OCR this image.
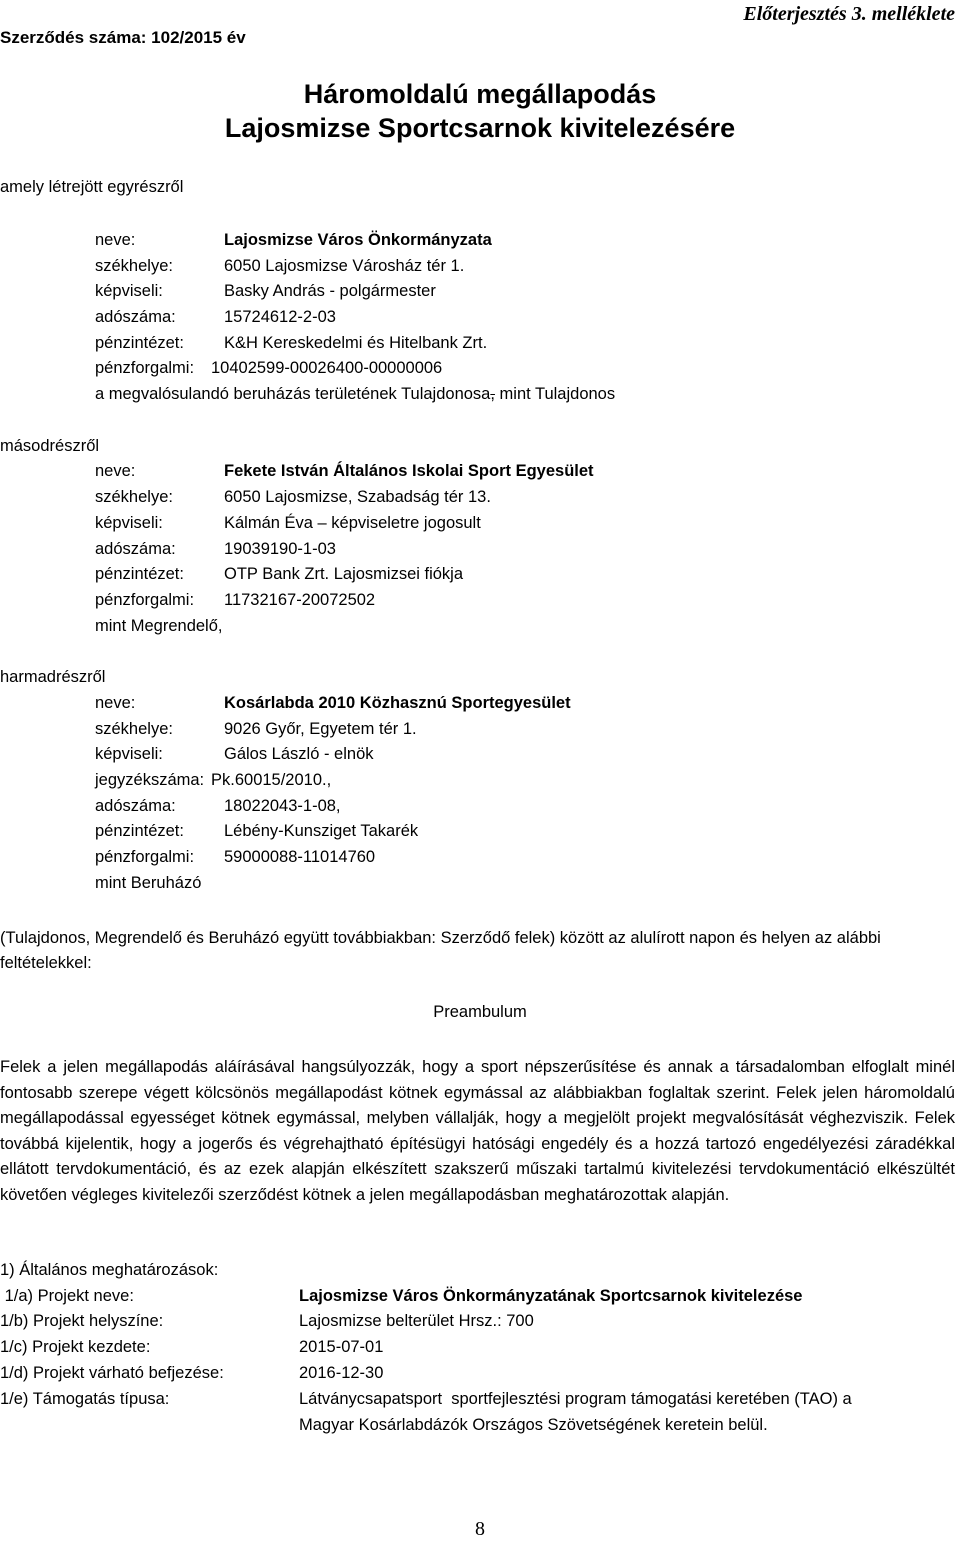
Szerződés száma: 102/2015 év
Előterjesztés 3. melléklete
Háromoldalú megállapodás
Lajosmizse Sportcsarnok kivitelezésére
amely létrejött egyrészről
neve:	Lajosmizse Város Önkormányzata
székhelye:	6050 Lajosmizse Városház tér 1.
képviseli:	Basky András - polgármester
adószáma:	15724612-2-03
pénzintézet: K&H Kereskedelmi és Hitelbank Zrt.
pénzforgalmi: 10402599-00026400-00000006
a megvalósulandó beruházás területének Tulajdonosa, mint Tulajdonos
másodrészről
neve:	Fekete István Általános Iskolai Sport Egyesület
székhelye:	6050 Lajosmizse, Szabadság tér 13.
képviseli:	Kálmán Éva – képviseletre jogosult
adószáma:	19039190-1-03
pénzintézet: OTP Bank Zrt. Lajosmizsei fiókja
pénzforgalmi: 11732167-20072502
mint Megrendelő,
harmadrészről
neve:	Kosárlabda 2010 Közhasznú Sportegyesület
székhelye:	9026 Győr, Egyetem tér 1.
képviseli:	Gálos László - elnök
jegyzékszáma: Pk.60015/2010.,
adószáma:	18022043-1-08,
pénzintézet: Lébény-Kunsziget Takarék
pénzforgalmi: 59000088-11014760
mint Beruházó
(Tulajdonos, Megrendelő és Beruházó együtt továbbiakban: Szerződő felek) között az alulírott napon és helyen az alábbi feltételekkel:
Preambulum
Felek a jelen megállapodás aláírásával hangsúlyozzák, hogy a sport népszerűsítése és annak a társadalomban elfoglalt minél fontosabb szerepe végett kölcsönös megállapodást kötnek egymással az alábbiakban foglaltak szerint. Felek jelen háromoldalú megállapodással egyességet kötnek egymással, melyben vállalják, hogy a megjelölt projekt megvalósítását véghezviszik. Felek továbbá kijelentik, hogy a jogerős és végrehajtható építésügyi hatósági engedély és a hozzá tartozó engedélyezési záradékkal ellátott tervdokumentáció, és az ezek alapján elkészített szakszerű műszaki tartalmú kivitelezési tervdokumentáció elkészültét követően végleges kivitelezői szerződést kötnek a jelen megállapodásban meghatározottak alapján.
1) Általános meghatározások:
1/a) Projekt neve:	Lajosmizse Város Önkormányzatának Sportcsarnok kivitelezése
1/b) Projekt helyszíne:	Lajosmizse belterület Hrsz.: 700
1/c) Projekt kezdete:	2015-07-01
1/d) Projekt várható befjezése:	2016-12-30
1/e) Támogatás típusa:	Látványcsapatsport  sportfejlesztési program támogatási keretében (TAO) a
Magyar Kosárlabdázók Országos Szövetségének keretein belül.
8
